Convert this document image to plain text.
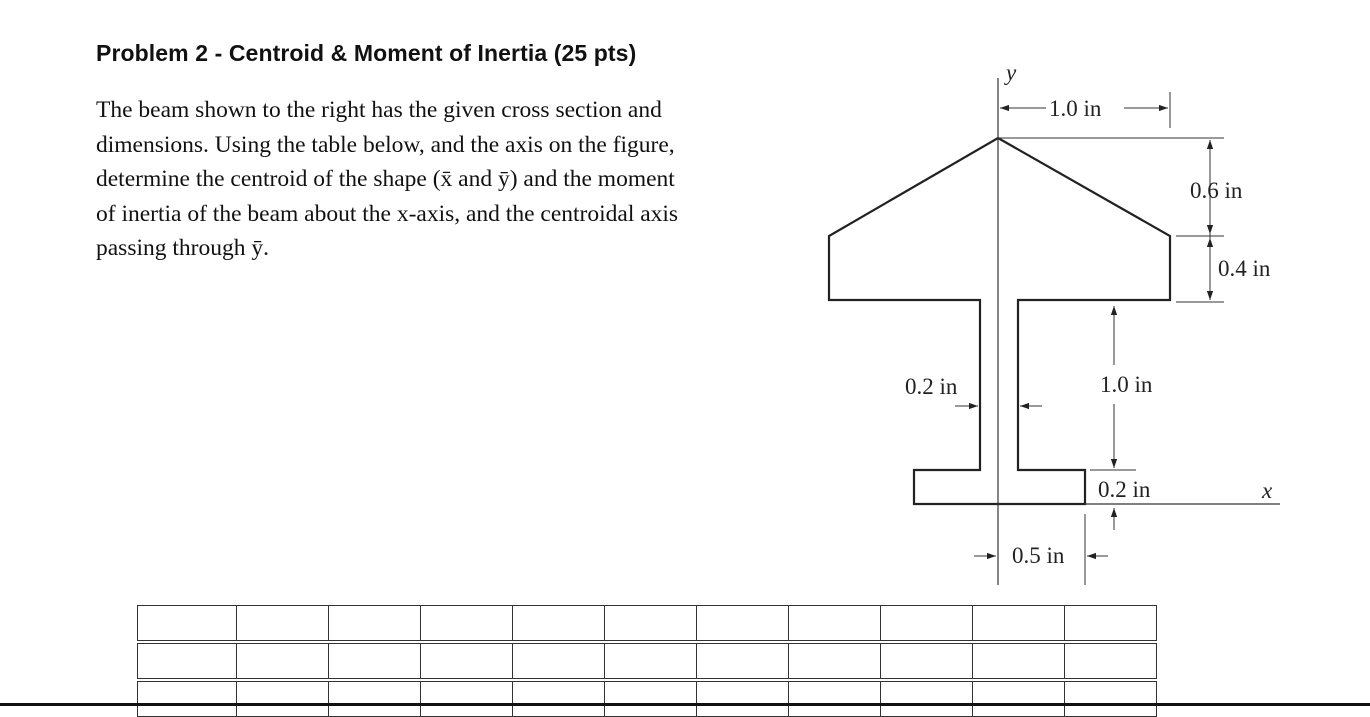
Problem 2 - Centroid & Moment of Inertia (25 pts)

The beam shown to the right has the given cross section and
dimensions. Using the table below, and the axis on the figure,
determine the centroid of the shape (x̄ and ȳ) and the moment
of inertia of the beam about the x-axis, and the centroidal axis
passing through ȳ.

y
x
1.0 in
0.6 in
0.4 in
0.2 in	1.0 in
0.2 in
0.5 in
